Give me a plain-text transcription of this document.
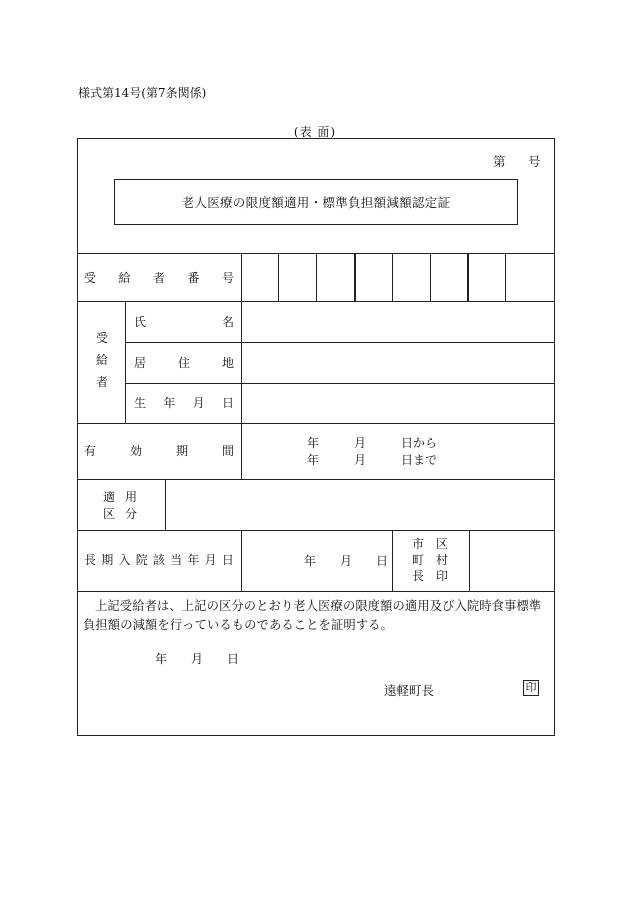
様式第14号(第7条関係)
(表 面)
第 号
老人医療の限度額適用・標準負担額減額認定証
受 給 者 番 号
受
給
者
氏	名
居	住	地
生 年 月 日
有	効	期	間
年	月	日から
年	月	日まで
適 用
区 分
長 期 入 院 該 当 年 月 日	年 月 日
市 区
町 村
長 印
上記受給者は、上記の区分のとおり老人医療の限度額の適用及び入院時食事標準負担額の減額を行っているものであることを証明する。
年 月 日
遠軽町長	印
